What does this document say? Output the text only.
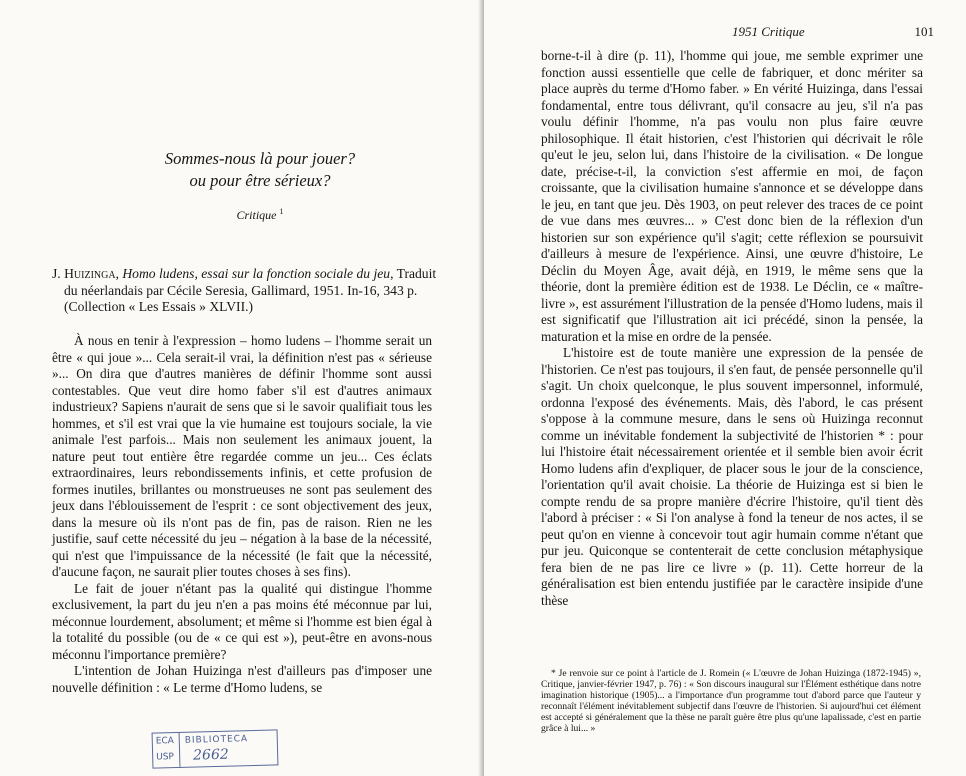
Sommes-nous là pour jouer?
ou pour être sérieux?
Critique $^1$
J. Huizinga, Homo ludens, essai sur la fonction sociale du jeu, Traduit du néerlandais par Cécile Seresia, Gallimard, 1951. In-16, 343 p. (Collection « Les Essais » XLVII.)

À nous en tenir à l'expression – homo ludens – l'homme serait un être « qui joue »... Cela serait-il vrai, la définition n'est pas « sérieuse »... On dira que d'autres manières de définir l'homme sont aussi contestables. Que veut dire homo faber s'il est d'autres animaux industrieux? Sapiens n'aurait de sens que si le savoir qualifiait tous les hommes, et s'il est vrai que la vie humaine est toujours sociale, la vie animale l'est parfois... Mais non seulement les animaux jouent, la nature peut tout entière être regardée comme un jeu... Ces éclats extraordinaires, leurs rebondissements infinis, et cette profusion de formes inutiles, brillantes ou monstrueuses ne sont pas seulement des jeux dans l'éblouissement de l'esprit : ce sont objectivement des jeux, dans la mesure où ils n'ont pas de fin, pas de raison. Rien ne les justifie, sauf cette nécessité du jeu – négation à la base de la nécessité, qui n'est que l'impuissance de la nécessité (le fait que la nécessité, d'aucune façon, ne saurait plier toutes choses à ses fins).

Le fait de jouer n'étant pas la qualité qui distingue l'homme exclusivement, la part du jeu n'en a pas moins été méconnue par lui, méconnue lourdement, absolument; et même si l'homme est bien égal à la totalité du possible (ou de « ce qui est »), peut-être en avons-nous méconnu l'importance première?

L'intention de Johan Huizinga n'est d'ailleurs pas d'imposer une nouvelle définition : « Le terme d'Homo ludens, se

ECA
USP
BIBLIOTECA
2662
1951 Critique	101

borne-t-il à dire (p. 11), l'homme qui joue, me semble exprimer une fonction aussi essentielle que celle de fabriquer, et donc mériter sa place auprès du terme d'Homo faber. » En vérité Huizinga, dans l'essai fondamental, entre tous délivrant, qu'il consacre au jeu, s'il n'a pas voulu définir l'homme, n'a pas voulu non plus faire œuvre philosophique. Il était historien, c'est l'historien qui décrivait le rôle qu'eut le jeu, selon lui, dans l'histoire de la civilisation. « De longue date, précise-t-il, la conviction s'est affermie en moi, de façon croissante, que la civilisation humaine s'annonce et se développe dans le jeu, en tant que jeu. Dès 1903, on peut relever des traces de ce point de vue dans mes œuvres... » C'est donc bien de la réflexion d'un historien sur son expérience qu'il s'agit; cette réflexion se poursuivit d'ailleurs à mesure de l'expérience. Ainsi, une œuvre d'histoire, Le Déclin du Moyen Âge, avait déjà, en 1919, le même sens que la théorie, dont la première édition est de 1938. Le Déclin, ce « maître-livre », est assurément l'illustration de la pensée d'Homo ludens, mais il est significatif que l'illustration ait ici précédé, sinon la pensée, la maturation et la mise en ordre de la pensée.

L'histoire est de toute manière une expression de la pensée de l'historien. Ce n'est pas toujours, il s'en faut, de pensée personnelle qu'il s'agit. Un choix quelconque, le plus souvent impersonnel, informulé, ordonna l'exposé des événements. Mais, dès l'abord, le cas présent s'oppose à la commune mesure, dans le sens où Huizinga reconnut comme un inévitable fondement la subjectivité de l'historien * : pour lui l'histoire était nécessairement orientée et il semble bien avoir écrit Homo ludens afin d'expliquer, de placer sous le jour de la conscience, l'orientation qu'il avait choisie. La théorie de Huizinga est si bien le compte rendu de sa propre manière d'écrire l'histoire, qu'il tient dès l'abord à préciser : « Si l'on analyse à fond la teneur de nos actes, il se peut qu'on en vienne à concevoir tout agir humain comme n'étant que pur jeu. Quiconque se contenterait de cette conclusion métaphysique fera bien de ne pas lire ce livre » (p. 11). Cette horreur de la généralisation est bien entendu justifiée par le caractère insipide d'une thèse

* Je renvoie sur ce point à l'article de J. Romein (« L'œuvre de Johan Huizinga (1872-1945) », Critique, janvier-février 1947, p. 76) : « Son discours inaugural sur l'Élément esthétique dans notre imagination historique (1905)... a l'importance d'un programme tout d'abord parce que l'auteur y reconnaît l'élément inévitablement subjectif dans l'œuvre de l'historien. Si aujourd'hui cet élément est accepté si généralement que la thèse ne paraît guère être plus qu'une lapalissade, c'est en partie grâce à lui... »
